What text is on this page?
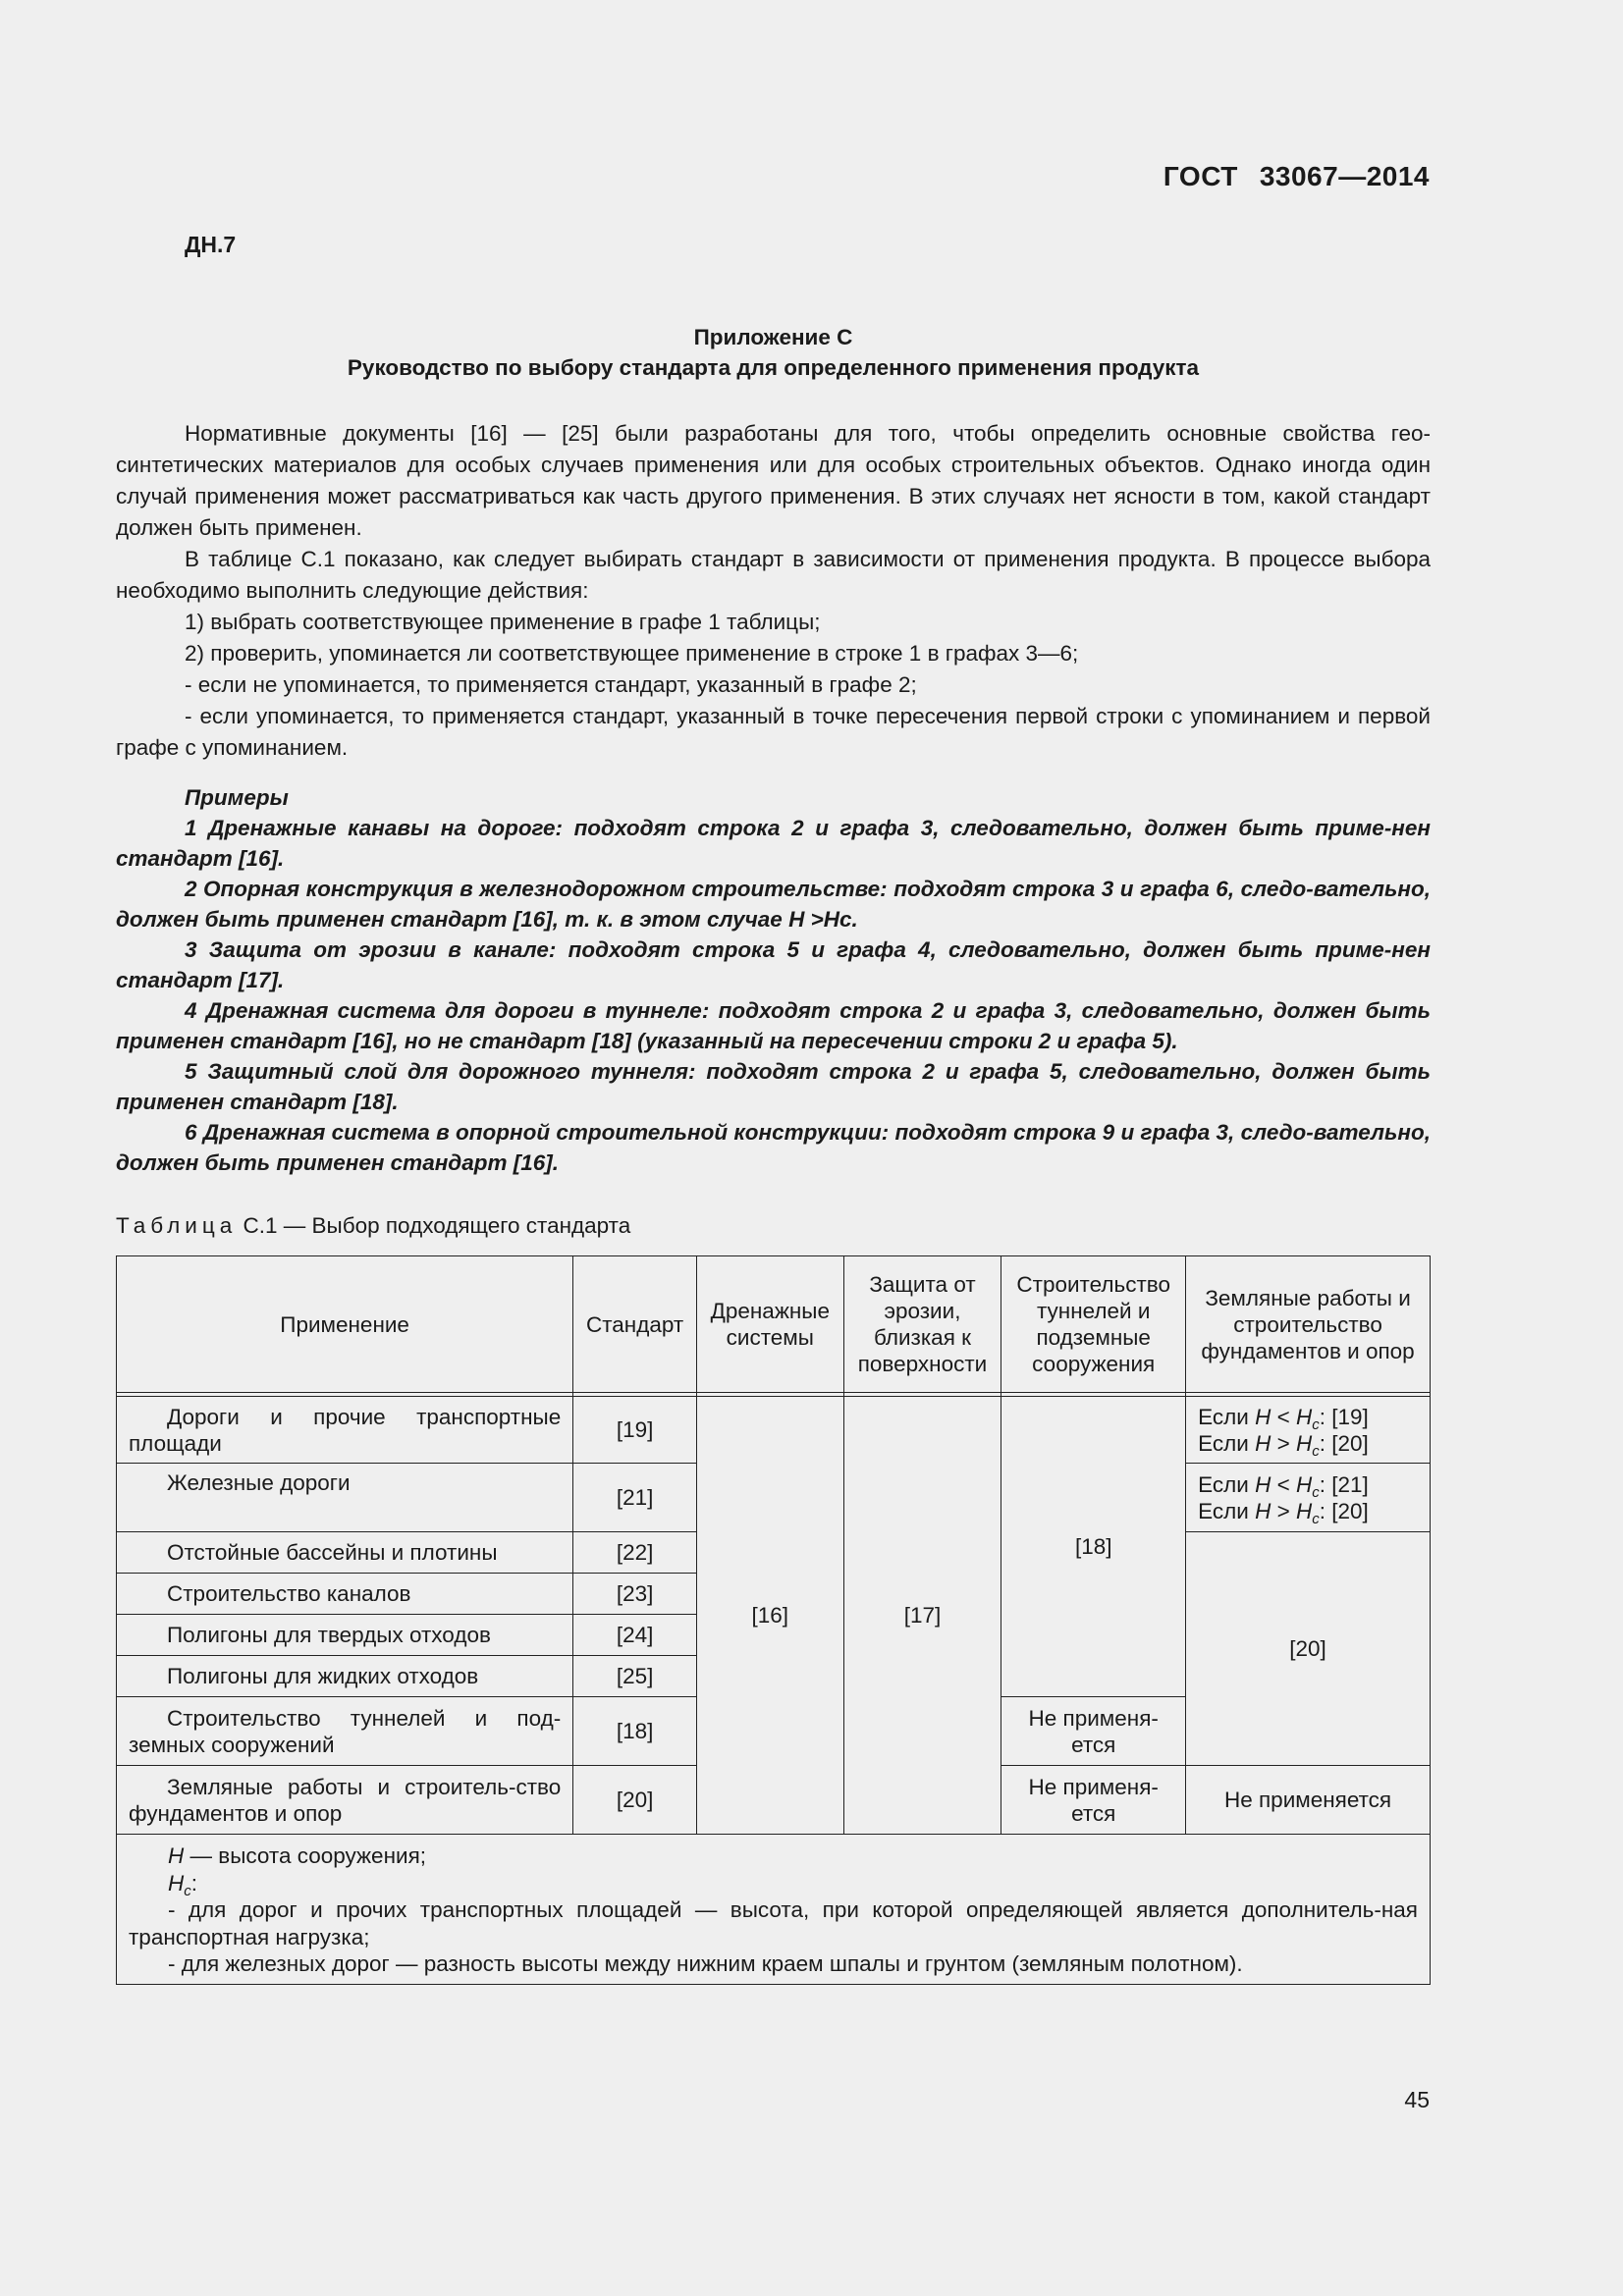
ГОСТ 33067—2014
ДН.7
Приложение С
Руководство по выбору стандарта для определенного применения продукта

Нормативные документы [16] — [25] были разработаны для того, чтобы определить основные свойства гео-синтетических материалов для особых случаев применения или для особых строительных объектов. Однако иногда один случай применения может рассматриваться как часть другого применения. В этих случаях нет ясности в том, какой стандарт должен быть применен.

В таблице С.1 показано, как следует выбирать стандарт в зависимости от применения продукта. В процессе выбора необходимо выполнить следующие действия:

1) выбрать соответствующее применение в графе 1 таблицы;

2) проверить, упоминается ли соответствующее применение в строке 1 в графах 3—6;

- если не упоминается, то применяется стандарт, указанный в графе 2;

- если упоминается, то применяется стандарт, указанный в точке пересечения первой строки с упоминанием и первой графе с упоминанием.

Примеры

1 Дренажные канавы на дороге: подходят строка 2 и графа 3, следовательно, должен быть приме-нен стандарт [16].

2 Опорная конструкция в железнодорожном строительстве: подходят строка 3 и графа 6, следо-вательно, должен быть применен стандарт [16], т. к. в этом случае Н >Нс.

3 Защита от эрозии в канале: подходят строка 5 и графа 4, следовательно, должен быть приме-нен стандарт [17].

4 Дренажная система для дороги в туннеле: подходят строка 2 и графа 3, следовательно, должен быть применен стандарт [16], но не стандарт [18] (указанный на пересечении строки 2 и графа 5).

5 Защитный слой для дорожного туннеля: подходят строка 2 и графа 5, следовательно, должен быть применен стандарт [18].

6 Дренажная система в опорной строительной конструкции: подходят строка 9 и графа 3, следо-вательно, должен быть применен стандарт [16].

Таблица С.1 — Выбор подходящего стандарта
Применение	Стандарт	Дренажные системы	Защита от эрозии, близкая к поверхности	Строительство туннелей и подземные сооружения	Земляные работы и строительство фундаментов и опор

Дороги и прочие транспортные площади	[19]	[16]	[17]	[18]	Если $H < H_c$: [19]
Если $H > H_c$: [20]

Железные дороги	[21]				Если $H < H_c$: [21]
Если $H > H_c$: [20]

Отстойные бассейны и плотины	[22]				[20]
Строительство каналов	[23]				
Полигоны для твердых отходов	[24]				
Полигоны для жидких отходов	[25]				
Строительство туннелей и под-земных сооружений	[18]			Не применя-ется	
Земляные работы и строитель-ство фундаментов и опор	[20]			Не применя-ется	Не применяется

H — высота сооружения;
$H_c$:
- для дорог и прочих транспортных площадей — высота, при которой определяющей является дополнитель-ная транспортная нагрузка;
- для железных дорог — разность высоты между нижним краем шпалы и грунтом (земляным полотном).					
45
